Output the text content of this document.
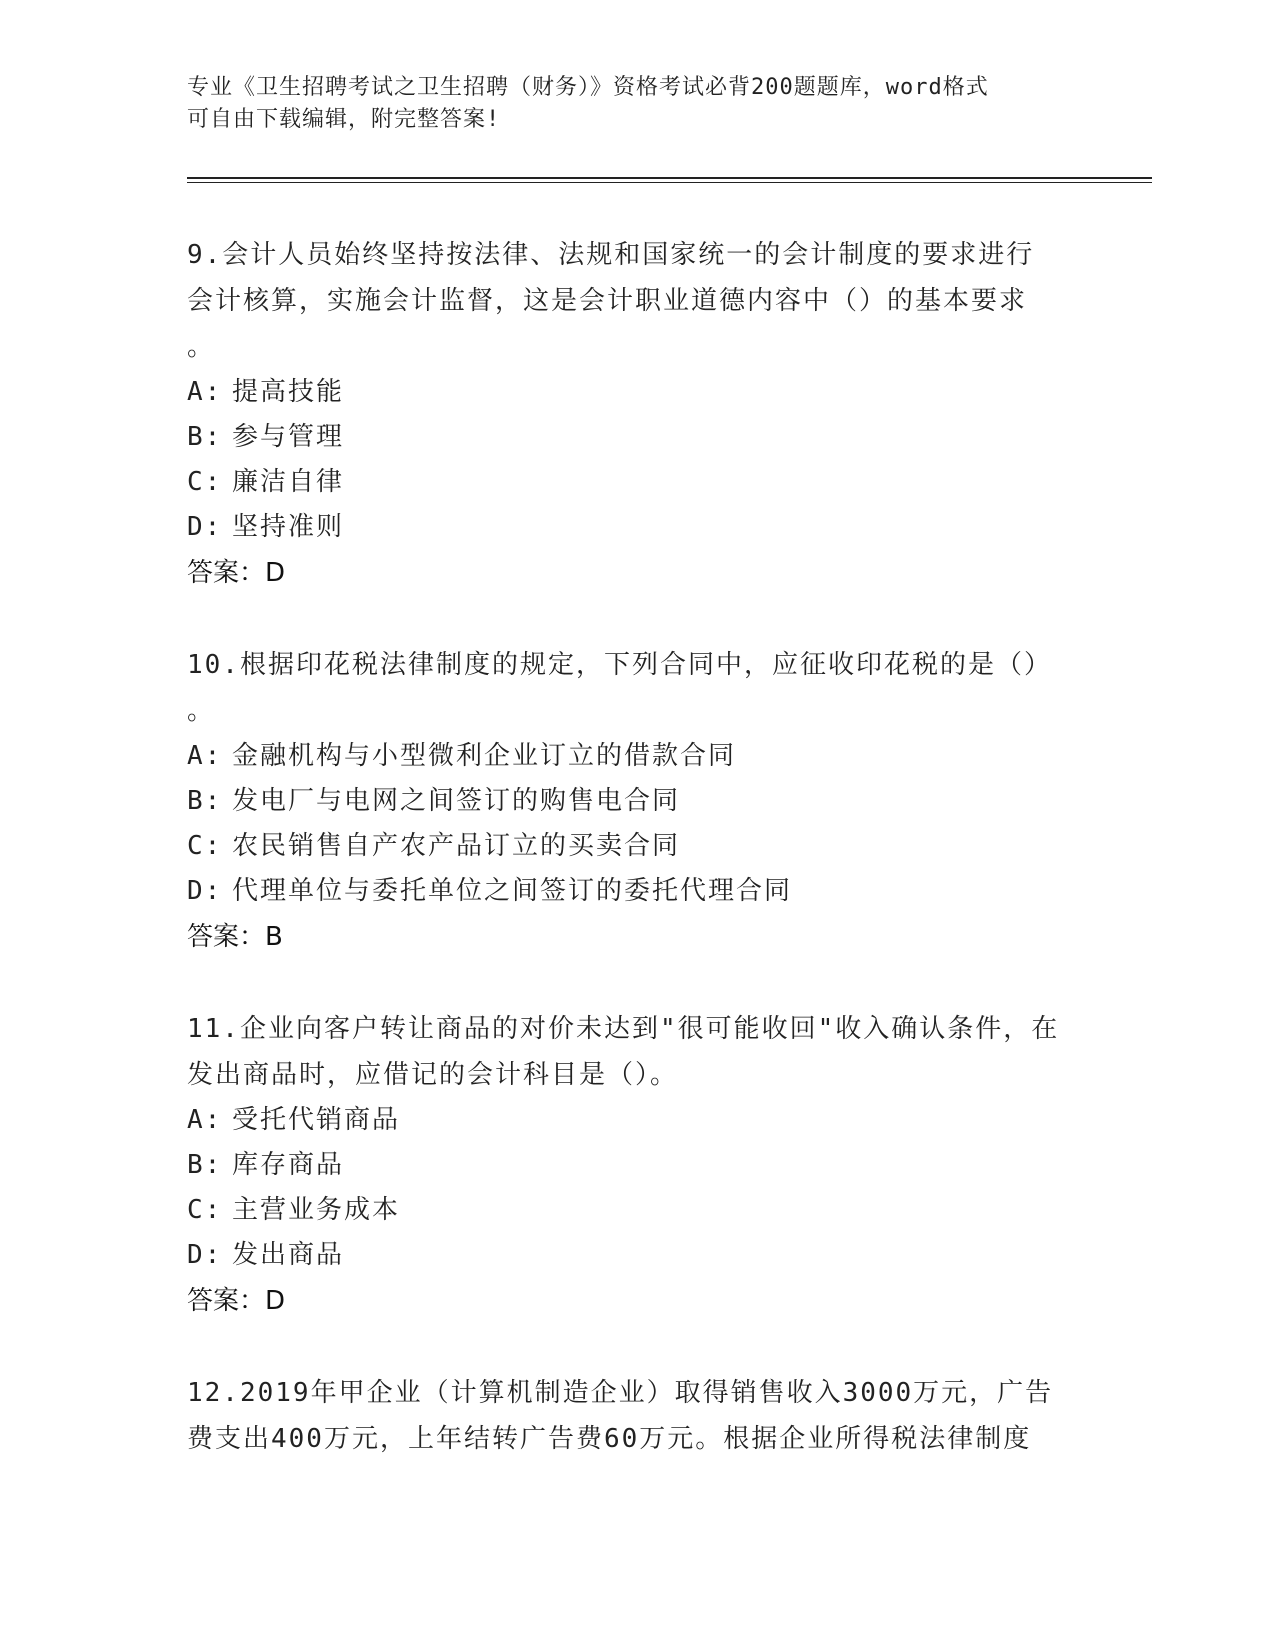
专业《卫生招聘考试之卫生招聘（财务）》资格考试必背200题题库，word格式
可自由下载编辑，附完整答案!
9.会计人员始终坚持按法律、法规和国家统一的会计制度的要求进行
会计核算，实施会计监督，这是会计职业道德内容中（）的基本要求
。
A: 提高技能
B: 参与管理
C: 廉洁自律
D: 坚持准则
答案：D
10.根据印花税法律制度的规定，下列合同中，应征收印花税的是（）
。
A: 金融机构与小型微利企业订立的借款合同
B: 发电厂与电网之间签订的购售电合同
C: 农民销售自产农产品订立的买卖合同
D: 代理单位与委托单位之间签订的委托代理合同
答案：B
11.企业向客户转让商品的对价未达到"很可能收回"收入确认条件，在
发出商品时，应借记的会计科目是（）。
A: 受托代销商品
B: 库存商品
C: 主营业务成本
D: 发出商品
答案：D
12.2019年甲企业（计算机制造企业）取得销售收入3000万元，广告
费支出400万元，上年结转广告费60万元。根据企业所得税法律制度
